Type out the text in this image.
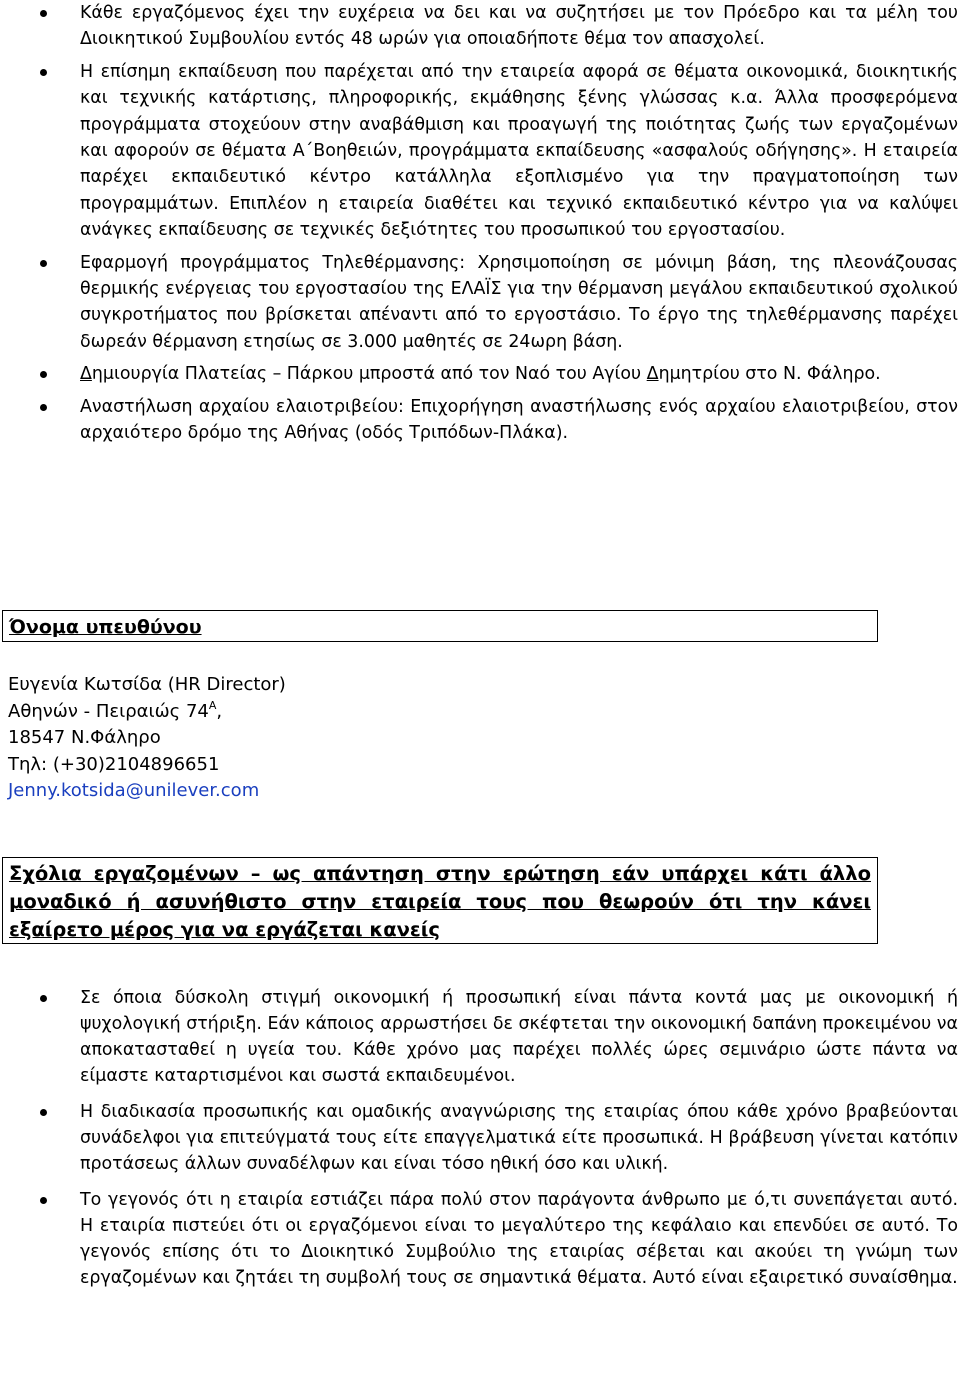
Κάθε εργαζόμενος έχει την ευχέρεια να δει και να συζητήσει με τον Πρόεδρο και τα μέλη του Διοικητικού Συμβουλίου εντός 48 ωρών για οποιαδήποτε θέμα τον απασχολεί.
Η επίσημη εκπαίδευση που παρέχεται από την εταιρεία αφορά σε θέματα οικονομικά, διοικητικής και τεχνικής κατάρτισης, πληροφορικής, εκμάθησης ξένης γλώσσας κ.α. Άλλα προσφερόμενα προγράμματα στοχεύουν στην αναβάθμιση και προαγωγή της ποιότητας ζωής των εργαζομένων και αφορούν σε θέματα Α΄Βοηθειών, προγράμματα εκπαίδευσης «ασφαλούς οδήγησης». Η εταιρεία παρέχει εκπαιδευτικό κέντρο κατάλληλα εξοπλισμένο για την πραγματοποίηση των προγραμμάτων. Επιπλέον η εταιρεία διαθέτει και τεχνικό εκπαιδευτικό κέντρο για να καλύψει ανάγκες εκπαίδευσης σε τεχνικές δεξιότητες του προσωπικού του εργοστασίου.
Εφαρμογή προγράμματος Τηλεθέρμανσης: Χρησιμοποίηση σε μόνιμη βάση, της πλεονάζουσας θερμικής ενέργειας του εργοστασίου της ΕΛΑΪΣ για την θέρμανση μεγάλου εκπαιδευτικού σχολικού συγκροτήματος που βρίσκεται απέναντι από το εργοστάσιο. Το έργο της τηλεθέρμανσης παρέχει δωρεάν θέρμανση ετησίως σε 3.000 μαθητές σε 24ωρη βάση.
Δημιουργία Πλατείας – Πάρκου μπροστά από τον Ναό του Αγίου Δημητρίου στο Ν. Φάληρο.
Αναστήλωση αρχαίου ελαιοτριβείου: Επιχορήγηση αναστήλωσης ενός αρχαίου ελαιοτριβείου, στον αρχαιότερο δρόμο της Αθήνας (οδός Τριπόδων-Πλάκα).
Όνομα υπευθύνου
Ευγενία Κωτσίδα (HR Director)
Αθηνών - Πειραιώς $74^A$,
18547 Ν.Φάληρο
Τηλ: (+30)2104896651
Jenny.kotsida@unilever.com
Σχόλια εργαζομένων – ως απάντηση στην ερώτηση εάν υπάρχει κάτι άλλο μοναδικό ή ασυνήθιστο στην εταιρεία τους που θεωρούν ότι την κάνει εξαίρετο μέρος για να εργάζεται κανείς
Σε όποια δύσκολη στιγμή οικονομική ή προσωπική είναι πάντα κοντά μας με οικονομική ή ψυχολογική στήριξη. Εάν κάποιος αρρωστήσει δε σκέφτεται την οικονομική δαπάνη προκειμένου να αποκατασταθεί η υγεία του. Κάθε χρόνο μας παρέχει πολλές ώρες σεμινάριο ώστε πάντα να είμαστε καταρτισμένοι και σωστά εκπαιδευμένοι.
Η διαδικασία προσωπικής και ομαδικής αναγνώρισης της εταιρίας όπου κάθε χρόνο βραβεύονται συνάδελφοι για επιτεύγματά τους είτε επαγγελματικά είτε προσωπικά. Η βράβευση γίνεται κατόπιν προτάσεως άλλων συναδέλφων και είναι τόσο ηθική όσο και υλική.
Το γεγονός ότι η εταιρία εστιάζει πάρα πολύ στον παράγοντα άνθρωπο με ό,τι συνεπάγεται αυτό. Η εταιρία πιστεύει ότι οι εργαζόμενοι είναι το μεγαλύτερο της κεφάλαιο και επενδύει σε αυτό. Το γεγονός επίσης ότι το Διοικητικό Συμβούλιο της εταιρίας σέβεται και ακούει τη γνώμη των εργαζομένων και ζητάει τη συμβολή τους σε σημαντικά θέματα. Αυτό είναι εξαιρετικό συναίσθημα.
